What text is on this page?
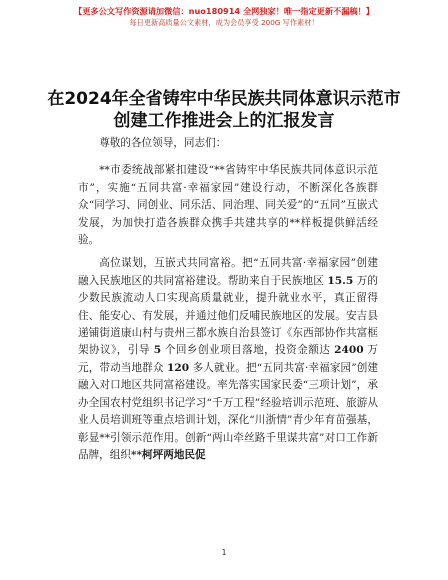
【更多公文写作资源请加微信：nuo180914 全网独家！唯一指定更新不漏稿！】
每日更新高质量公文素材，成为会员享受 200G 写作素材！
在2024年全省铸牢中华民族共同体意识示范市
创建工作推进会上的汇报发言

尊敬的各位领导，同志们：

**市委统战部紧扣建设“**省铸牢中华民族共同体意识示范市”，实施“五同共富·幸福家园”建设行动，不断深化各族群众“同学习、同创业、同乐活、同治理、同关爱”的“五同”互嵌式发展，为加快打造各族群众携手共建共享的**样板提供鲜活经验。

高位谋划，互嵌式共同富裕。把“五同共富·幸福家园”创建融入民族地区的共同富裕建设。帮助来自于民族地区 15.5 万的少数民族流动人口实现高质量就业，提升就业水平，真正留得住、能安心、有发展，并通过他们反哺民族地区的发展。安吉县递铺街道康山村与贵州三都水族自治县签订《东西部协作共富框架协议》，引导 5 个回乡创业项目落地，投资金额达 2400 万元，带动当地群众 120 多人就业。把“五同共富·幸福家园”创建融入对口地区共同富裕建设。率先落实国家民委“三项计划”，承办全国农村党组织书记学习“千万工程”经验培训示范班、旅游从业人员培训班等重点培训计划，深化“川浙情”青少年育苗强基，彰显**引领示范作用。创新“两山牵丝路千里谋共富”对口工作新品牌，组织**柯坪两地民促

1
